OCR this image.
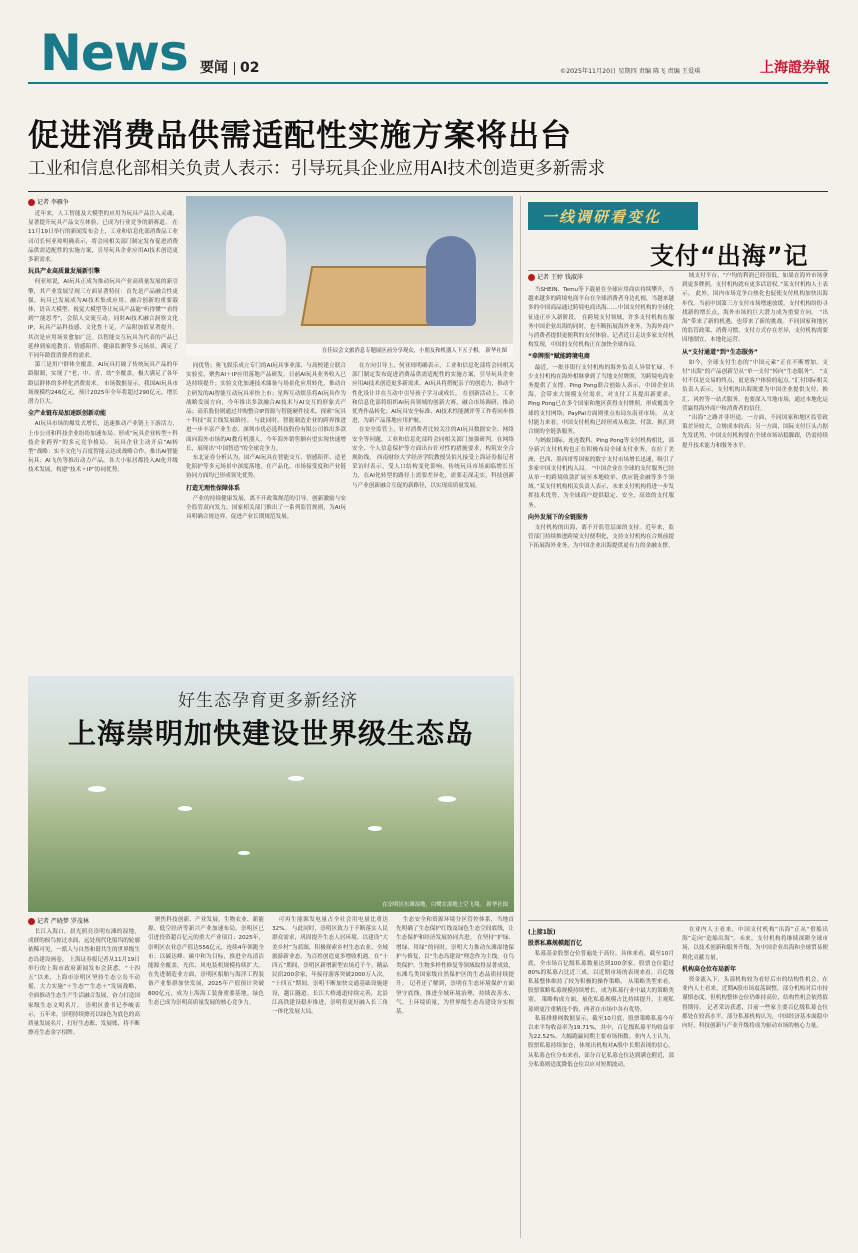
News 要闻 02	©2025年11月20日 星期四 责编 陈飞 责编 王爱琪	上海證券報
促进消费品供需适配性实施方案将出台
工业和信息化部相关负责人表示：引导玩具企业应用AI技术创造更多新需求
记者 李雁争

近年来，人工智能及大模型的应用为玩具产品注入灵魂，显著提升玩具产品交互体验，已成为行业竞争的新赛道。 在11月19日举行的新闻发布会上，工业和信息化部消费品工业司司长何亚琼明确表示，将会同相关部门制定发布促进消费品供需适配性的实施方案，引导玩具企业应用AI技术创造更多新需求。

玩具产业高质量发展新引擎

何亚琼说，AI玩具正成为推动玩具产业高质量发展的新引擎，其产业发展呈现三方面显著特征：首先是产品融合性更强。玩具已发展成为AI技术集成应用、融合创新的重要载体，语音大模型、视觉大模型等让玩具产品能“听得懂”“看得到”“能思考”，会陪人交流互动。同时AI技术融合洞察文化IP，玩具产品科技感、文化性十足，产品附加值显著提升。 其次是应用场景愈加广泛。以智能交互玩具为代表的产品已延伸到家庭教育、情感陪伴、健康监测等多元场景，满足了不同年龄段消费者的需求。

第三是用户群体全覆盖。AI玩具打破了传统玩具产品的年龄限制，实现了“老、中、青、幼”全覆盖，极大满足了各年龄层群体的多样化消费需求。 市场数据显示，我国AI玩具市场规模约246亿元，预计2025年全年将超过290亿元，增长潜力巨大。

全产业链布局加速跃创新动能

AI玩具市场的爆发式增长，迅速推动产业链上下游活力，上市公司和科技企业纷纷加速布局。形成“玩具企业转型＋科技企业跨界”的多元竞争格局。 玩具企业主动开启“AI转型”战略：实丰文化与百度智能云达成战略合作，推出AI智能玩具；AI飞鱼等推出动力产品，各大小家居都投入AI化升级技术发展，构建“技术＋IP”协同优势。

在佳辰会文旅消息专题展区前分享观众，小朋友和机器人下五子棋。 新华社图

同优势；奥飞娱乐成立专门的AI玩具事业部，与高校建立联合实验室，聚焦AI＋IP应用落地产品研发。日前AI玩具业务收入已达持续提升；实验文化加速技术储备与场景化应用转化，推动自主研发的AI智能互动玩具率快上市；星辉互动娱乐将AI玩具作为战略发展方向，今年推出多款融合AI技术与AI交互的形象式产品；高乐股份则通过并购整合IP资源与智能硬件技术，探索“玩具＋科技”双主线发展路径。 与此同时，智能制造企业的跨界推进进一步丰富产业生态。深圳市优必选科技股份有限公司推出多款面向海外市场的AI教育机器人，今年海外销售额有望实现快速增长，展现出“中国智造”的全球竞争力。

东北证券分析认为，国产AI玩具在智能交互、情感陪伴、适老化陪护等多元场景中深度落地，在产品化、市场接受度和产业链协同方面均已形成领先优势。

打造无理性保障体系

产业的持续健康发展，离不开政策规范的引导。创新激励与安全监管双向发力，国家相关部门推出了一系列监管规则，为AI玩具明确合规边界，促进产业长期规范发展。

在方向引导上，何亚琼明确表示，工业和信息化部将会同相关部门制定发布促进消费品供需适配性的实施方案，引导玩具企业应用AI技术创造更多新需求。AI玩具将搭配亲子的创造力，推动个性化设计并在互动中引导孩子学习或成长。 在创新活动上，工业和信息化部将组织AI玩具领域的创新大赛，融合市场调研、推动优秀作品转化；AI玩具安全标准、AI技术性能测评等工作将同步推进，为新产品落地应用护航。

在安全监管上，针对消费者比较关注的AI玩具数据安全、网络安全等问题，工业和信息化部将会同相关部门加强研判，在网络安全、个人信息保护等方面出台针对性的措施要求，构筑安全合规防线。 西南财经大学经济学院教授吴伯凡接受上海证券报记者采访时表示，受人口结构变化影响，传统玩具市场面临增长压力，在AI化转型的路径上需要差异化，需要走深走实，科技创新与产业创新融合互促的新路径，以实现高质量发展。

好生态孕育更多新经济
上海崇明加快建设世界级生态岛
在崇明区东滩湿地，白鹭在湿地上空飞翔。 新华社图
记者 严晓梦 罗茂林

长江入海口，晨光照亮崇明东滩的湿地，成群的候鸟掠过水面，远处现代化船坞的轮廓依稀可见，一派人与自然和谐共生的世界级生态岛建设画卷。 上海证券报记者从11月19日举行的上海市政府新闻发布会获悉，“十四五”以来，上海市崇明区坚持生态立岛不动摇，大力实施“＋生态”“生态＋”发展战略，全面推动生态生产生活融合发展，奋力打造国家级生态文明名片。 崇明区委书记李峻表示，五年来，崇明持续擦亮以绿色为底色的高质量发展名片，打好生态账、发展账，将不断擦亮生态金字招牌。

聚焦科技创新、产业发展，生物农业、新能源、低空经济等新兴产业加速布局，崇明区已引进投资超百亿元的重大产业项目；2025年，崇明区农业总产值达556亿元，连续4年领跑全市；以碳达峰、碳中和为目标，推进全岛清洁能源全覆盖，光伏、风电装机规模持续扩大。 在先进制造业方面，崇明区船舶与海洋工程装备产业集群加快发展，2025年产值预计突破800亿元，成为上海海工装备重要基地。绿色生态已成为崇明高质量发展的核心竞争力。

可再生能源发电量占全社会用电量比重达32%。 与此同时，崇明区致力于不断落实人民群众需求，巩固提升生态人居环境。以建设“大美乡村”为蓝图，积极探索乡村生态农业、全域旅游新业态，为百姓创造更多增收机遇。在“十四五”期间，崇明区新增新型农场近千个，精品民宿200余家，年接待游客突破2000万人次。 “十四五”期间，崇明不断加快交通基础设施建设，越江隧道、长江大桥通道持续完善，北沿江高铁建设稳步推进，崇明将更好融入长三角一体化发展大局。

生态安全和资源环境分区管控体系，当地首先明确了生态保护红线及绿色生态空间底线，让生态保护和经济发展协同共进。 在坚持“护绿、增绿、用绿”的同时，崇明大力推动东滩湿地保护与修复，以“生态岛建设”理念作为主线，在鸟类保护、生物多样性修复等领域取得显著成效，东滩鸟类国家级自然保护区的生态品质持续提升。 记者还了解到，崇明在生态环境保护方面坚守底线，推进全域环境治理，持续改善水、气、土环境质量，为世界级生态岛建设夯实根基。

一线调研看变化
支付“出海”记
记者 王婷 钱淑萍

当SHEIN、Temu等下载量在全球应用商店持续攀升，当越来越多的跨境电商平台在全球消费者身边扎根，当越来越多的中国商品通过跨境电商出海……中国支付机构的全球化征途正步入新阶段。 在跨境支付领域，许多支付机构在服务中国企业出海的同时，也不断拓展海外业务，为海外商户与消费者提供更便利的支付体验。记者近日走访多家支付机构发现，中国的支付机构正在加快全球布局。

“牵牌照”赋能跨境电商

最近，一批非银行支付机构的海外负责人异常忙碌。不少支付机构在海外相继拿到了当地支付牌照，为跨境电商业务提供了支撑。Ping Pong联合创始人表示，中国企业出海，会带来大规模支付需求，对支付工具提出新要求。Ping Pong已在多个国家和地区获得支付牌照，形成覆盖全球的支付网络；PayPal方面则重点布局东南亚市场。 从支付能力来看，中国支付机构已经形成从收款、付款、换汇到合规的全链条服务。

与蚂蚁国际、连连数科、Ping Pong等支付机构相比，部分新兴支付机构也正在积极布局全球支付业务。在拉丁美洲，巴西、墨西哥等国家的数字支付市场增长迅速，吸引了多家中国支付机构入局。 “中国企业在全球的支付服务已经从单一的跨境收款扩展至本地收单、供应链金融等多个领域。”某支付机构相关负责人表示，未来支付机构将进一步发挥技术优势，为全球商户提供稳定、安全、高效的支付服务。

向外发展下的全链服务

支付机构的出海，离不开监管层面的支持。近年来，监管部门持续推进跨境支付便利化，支持支付机构在合规前提下拓展海外业务，为中国企业出海提供更有力的金融支撑。

域支付平台。“户均的利润已经很低，如果在海外市场拿到更多牌照，支付机构就有更多话语权。”某支付机构人士表示。 此外，国内市场竞争白热化也促使支付机构加快出海步伐。当前中国第三方支付市场增速放缓，支付机构纷纷寻找新的增长点，海外市场的巨大潜力成为重要方向。 “出海”带来了新的机遇，也带来了新的挑战。不同国家和地区的监管政策、消费习惯、支付方式存在差异，支付机构需要因地制宜、本地化运营。

从“支付通道”到“生态服务”

如今，全球支付生态的“中国元素”正在不断增加。支付“出海”的产品创新呈从“单一支付”转向“生态服务”。 “支付不仅是交易的终点，更是客户体验的起点。”汇付国际相关负责人表示，支付机构出海既要为中国企业提供支付、换汇、风控等一站式服务，也要深入当地市场，通过本地化运营赢得海外商户和消费者的信任。

“出海”之路并非坦途。一方面，不同国家和地区监管政策差异较大，合规成本较高；另一方面，国际支付巨头占据先发优势，中国支付机构要在全球市场站稳脚跟，仍需持续提升技术能力和服务水平。

(上接1版)

股票私募规模超百亿

私募基金股票仓位普遍处于高位。具体来看，截至10月底，全市场百亿级私募数量达到100余家，股票仓位超过80%的私募占比近三成。以近期市场的表现来看，百亿级私募整体维持了较为积极的操作策略。 从策略类型来看，股票策略私募规模持续增长，成为私募行业中最大的策略类别。 策略构成方面，量化私募规模占比持续提升，主观私募则更注重精选个股，两者在市场中各有优势。

私募排排网数据显示，截至10月底，股票策略私募今年以来平均收益率为19.71%，其中，百亿级私募平均收益率为22.52%，大幅跑赢同期主要市场指数。业内人士认为，股票私募持续加仓，体现出机构对A股中长期表现的信心。 从私募仓位分布来看，部分百亿私募仓位达到满仓附近，部分私募则适度降低仓位以应对短期波动。

在业内人士看来，中国支付机构“出海”正从“借船出海”走向“造船出海”。未来，支付机构将继续深耕全球市场，以技术创新和服务升级，为中国企业出海和全球贸易便利化贡献力量。

机构高仓位布局新年

资金流入下，头部机构较为看好后市的结构性机会。在业内人士看来，近期A股市场震荡调整，部分机构对后市持谨慎态度，但机构整体仓位仍维持高位，结构性机会依然值得期待。 记者采访获悉，目前一些家主要百亿级私募仓位都处在较高水平。部分私募机构认为，中国经济基本面稳中向好，科技创新与产业升级将成为驱动市场的核心力量。
